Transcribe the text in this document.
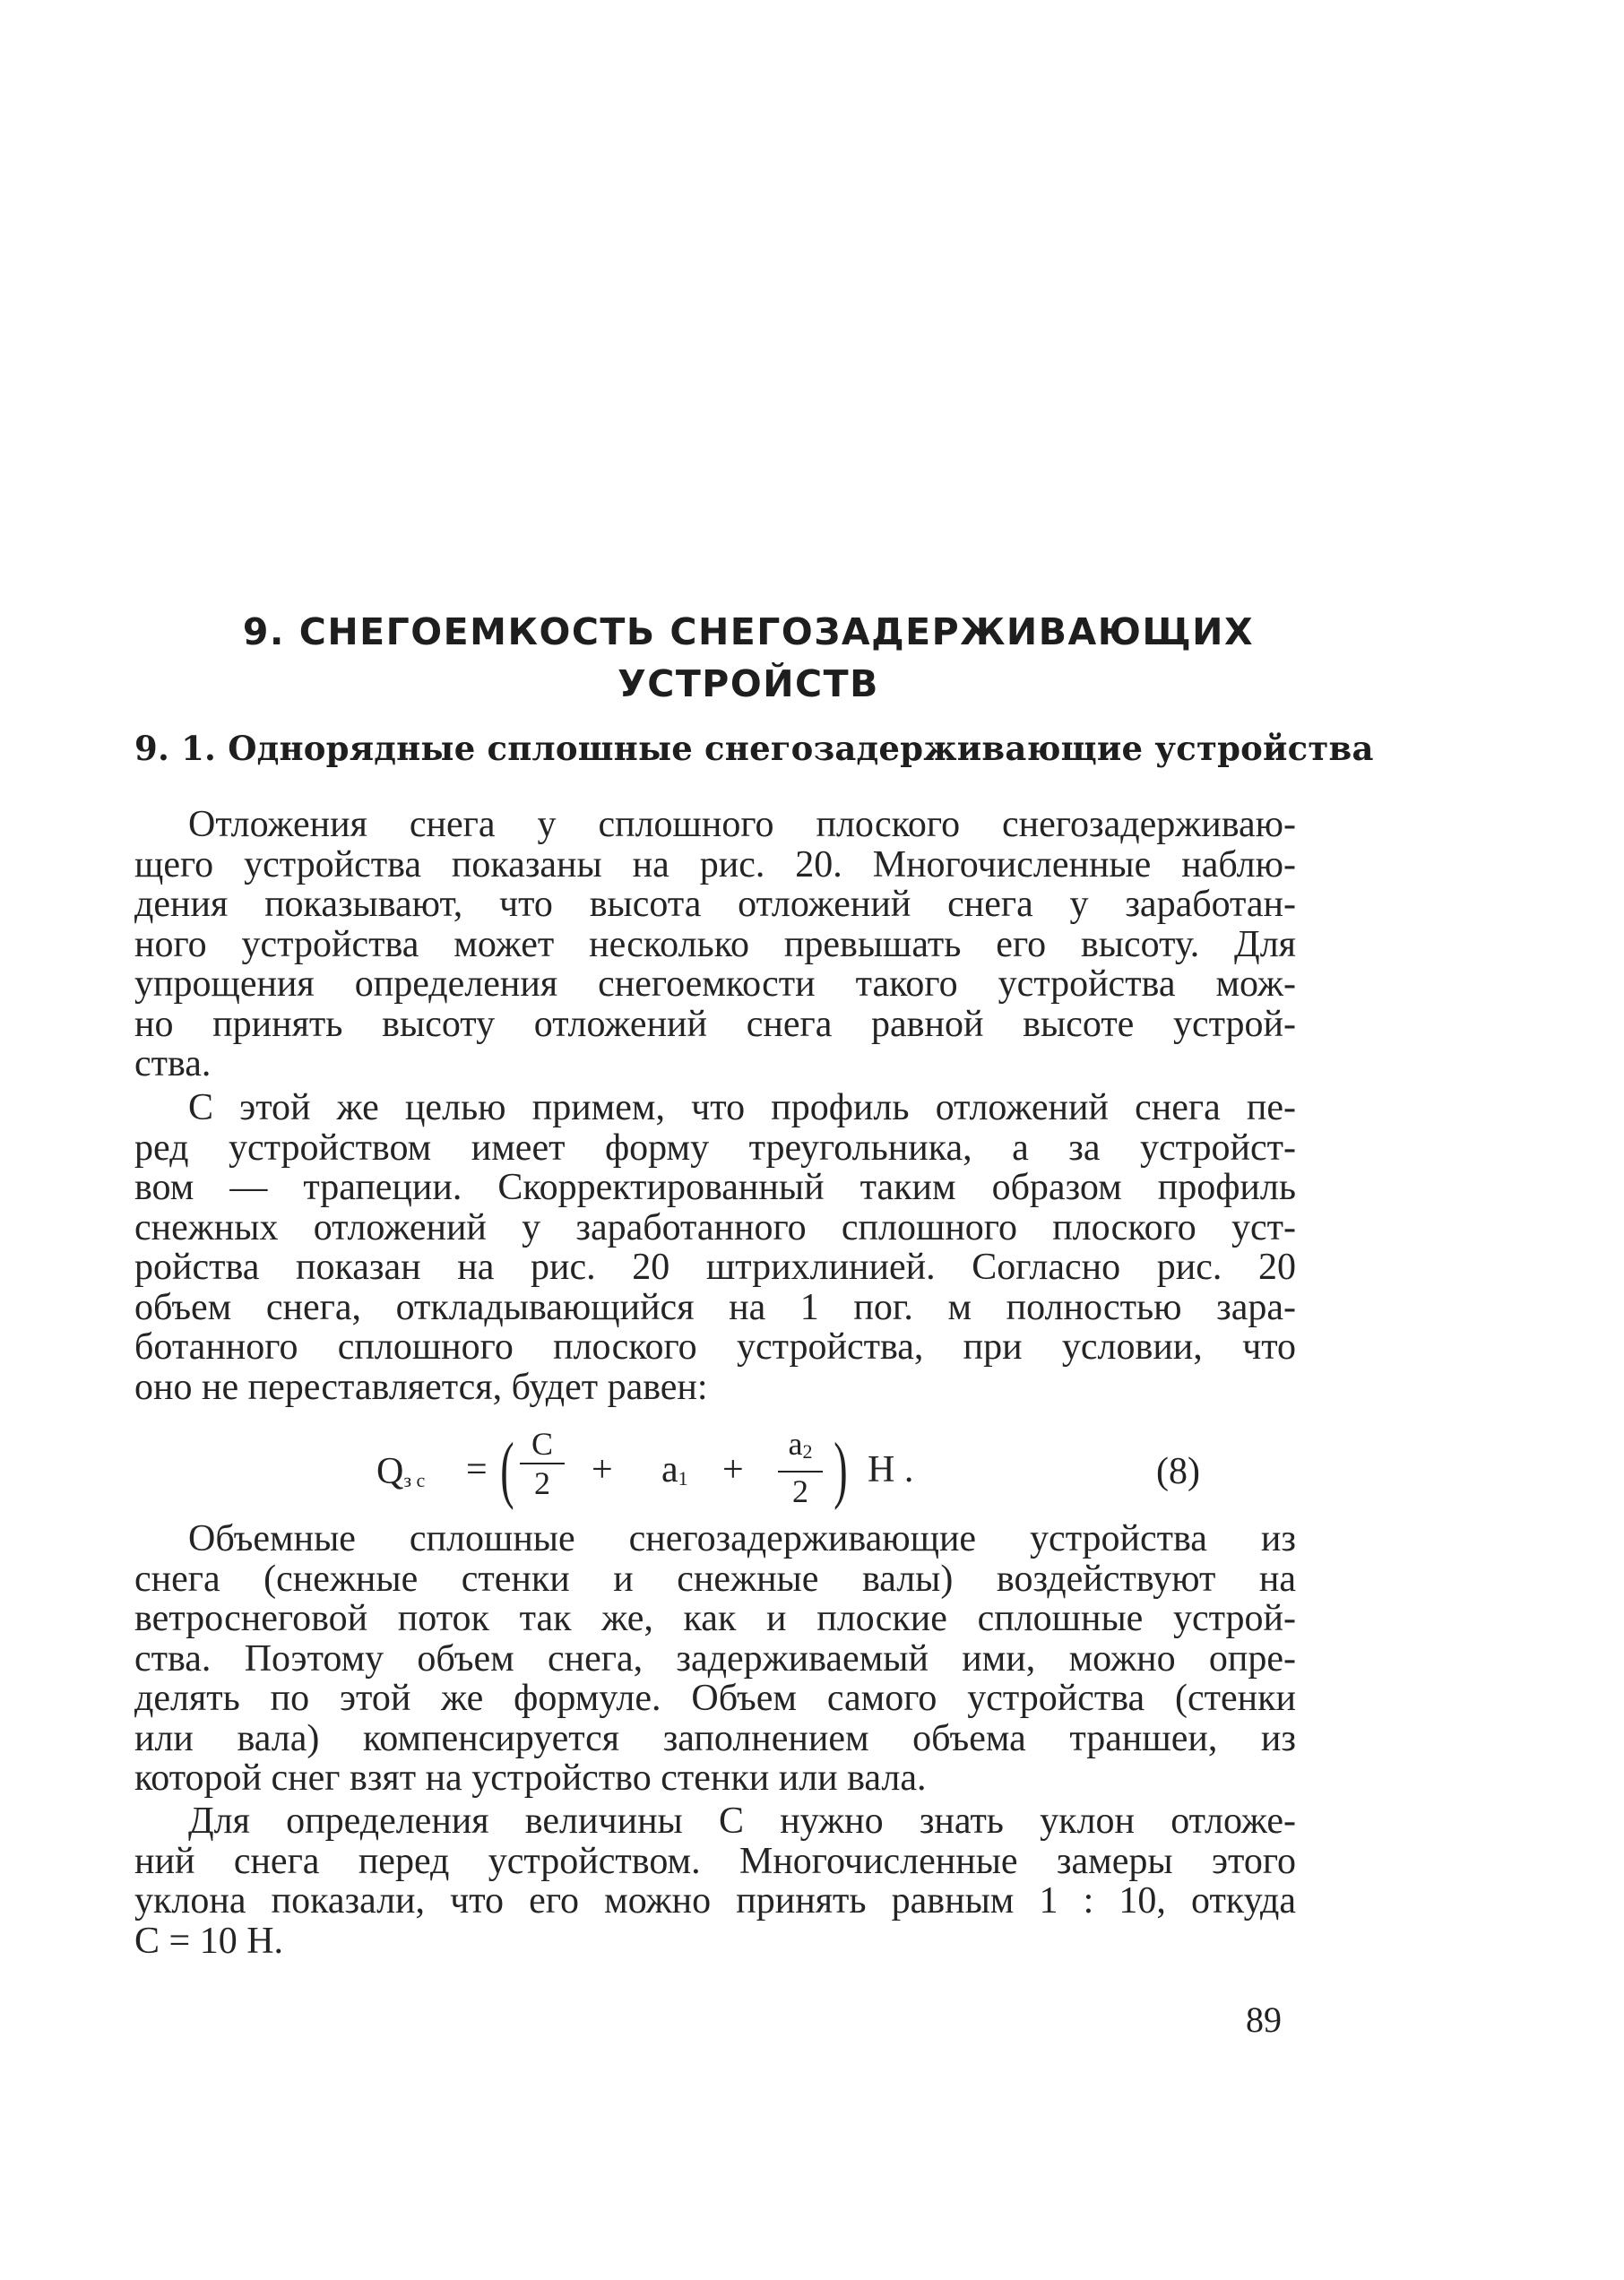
9. СНЕГОЕМКОСТЬ СНЕГОЗАДЕРЖИВАЮЩИХ
УСТРОЙСТВ
9. 1. Однорядные сплошные снегозадерживающие устройства

Отложения снега у сплошного плоского снегозадерживаю-
щего устройства показаны на рис. 20. Многочисленные наблю-
дения показывают, что высота отложений снега у заработан-
ного устройства может несколько превышать его высоту. Для
упрощения определения снегоемкости такого устройства мож-
но принять высоту отложений снега равной высоте устрой-
ства.

С этой же целью примем, что профиль отложений снега пе-
ред устройством имеет форму треугольника, а за устройст-
вом — трапеции. Скорректированный таким образом профиль
снежных отложений у заработанного сплошного плоского уст-
ройства показан на рис. 20 штрихлинией. Согласно рис. 20
объем снега, откладывающийся на 1 пог. м полностью зара-
ботанного сплошного плоского устройства, при условии, что
оно не переставляется, будет равен:

$Q_{з с}$ = ( С
2	+ $a_1$ +
$a_2$
2 ) Н .	(8)

Объемные сплошные снегозадерживающие устройства из
снега (снежные стенки и снежные валы) воздействуют на
ветроснеговой поток так же, как и плоские сплошные устрой-
ства. Поэтому объем снега, задерживаемый ими, можно опре-
делять по этой же формуле. Объем самого устройства (стенки
или вала) компенсируется заполнением объема траншеи, из
которой снег взят на устройство стенки или вала.

Для определения величины С нужно знать уклон отложе-
ний снега перед устройством. Многочисленные замеры этого
уклона показали, что его можно принять равным 1 : 10, откуда
С = 10 Н.

89
